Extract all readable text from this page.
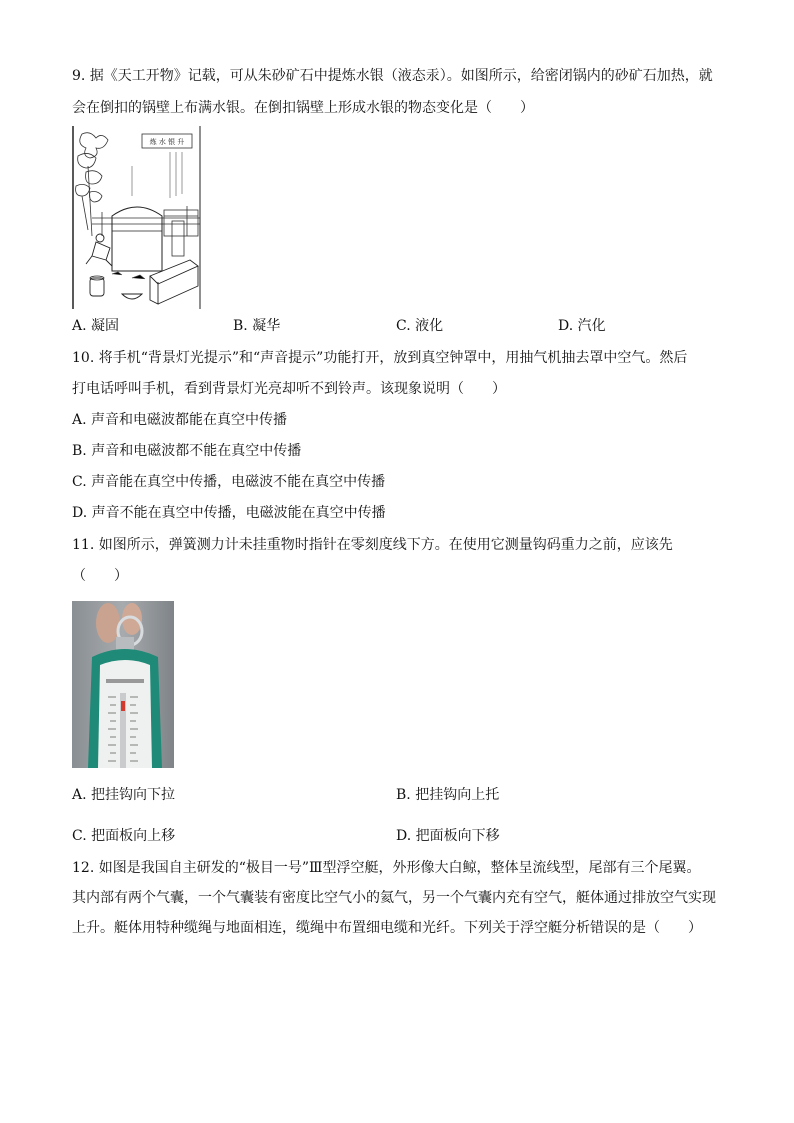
9. 据《天工开物》记载，可从朱砂矿石中提炼水银（液态汞）。如图所示，给密闭锅内的砂矿石加热，就
会在倒扣的锅壁上布满水银。在倒扣锅壁上形成水银的物态变化是（　　）
炼 水 银 升
A. 凝固	B. 凝华	C. 液化	D. 汽化
10. 将手机“背景灯光提示”和“声音提示”功能打开，放到真空钟罩中，用抽气机抽去罩中空气。然后
打电话呼叫手机，看到背景灯光亮却听不到铃声。该现象说明（　　）
A. 声音和电磁波都能在真空中传播
B. 声音和电磁波都不能在真空中传播
C. 声音能在真空中传播，电磁波不能在真空中传播
D. 声音不能在真空中传播，电磁波能在真空中传播
11. 如图所示，弹簧测力计未挂重物时指针在零刻度线下方。在使用它测量钩码重力之前，应该先
（　　）
A. 把挂钩向下拉	B. 把挂钩向上托
C. 把面板向上移	D. 把面板向下移
12. 如图是我国自主研发的“极目一号”Ⅲ型浮空艇，外形像大白鲸，整体呈流线型，尾部有三个尾翼。
其内部有两个气囊，一个气囊装有密度比空气小的氦气，另一个气囊内充有空气，艇体通过排放空气实现
上升。艇体用特种缆绳与地面相连，缆绳中布置细电缆和光纤。下列关于浮空艇分析错误的是（　　）
